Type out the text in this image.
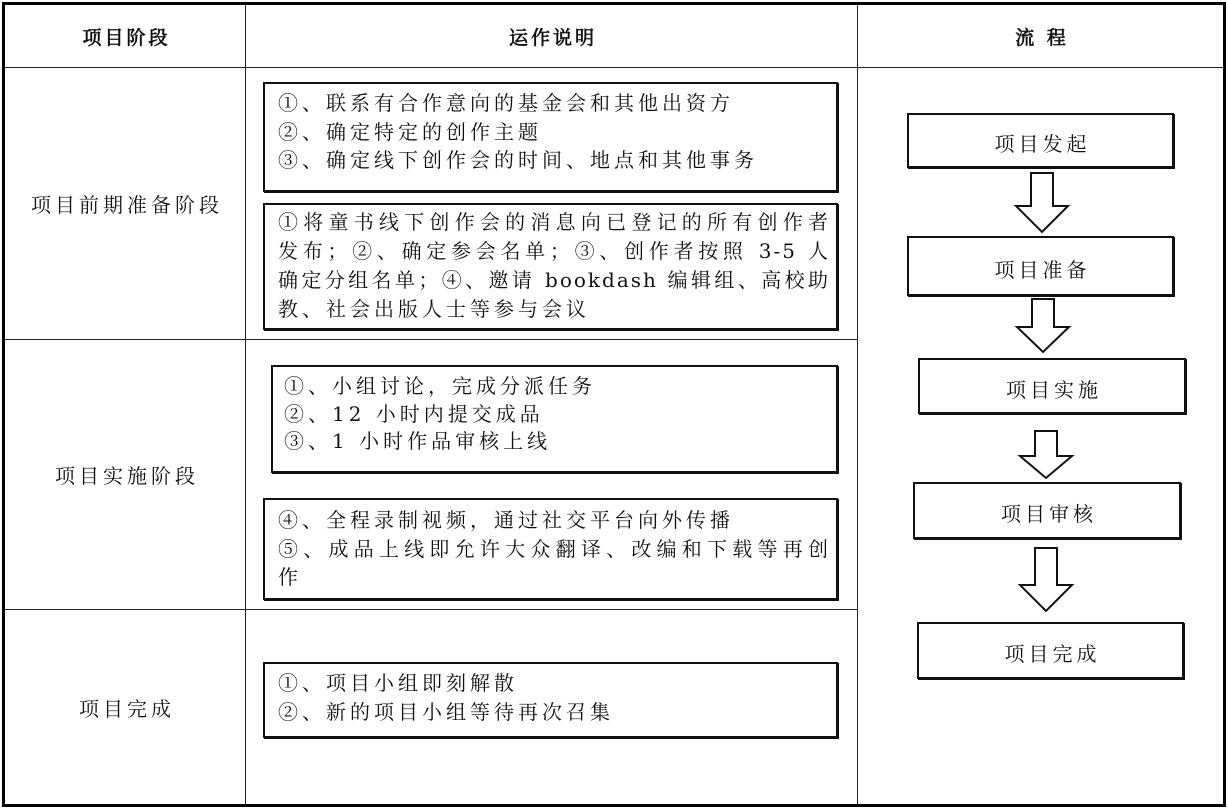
项目阶段	运作说明	流 程
项目前期准备阶段
①、联系有合作意向的基金会和其他出资方
②、确定特定的创作主题
③、确定线下创作会的时间、地点和其他事务
①将童书线下创作会的消息向已登记的所有创作者
发布；②、确定参会名单；③、创作者按照 3-5 人
确定分组名单；④、邀请 bookdash 编辑组、高校助
教、社会出版人士等参与会议
项目实施阶段
①、小组讨论，完成分派任务
②、12 小时内提交成品
③、1 小时作品审核上线
④、全程录制视频，通过社交平台向外传播
⑤、成品上线即允许大众翻译、改编和下载等再创
作
项目完成
①、项目小组即刻解散
②、新的项目小组等待再次召集
项目发起
项目准备
项目实施
项目审核
项目完成
